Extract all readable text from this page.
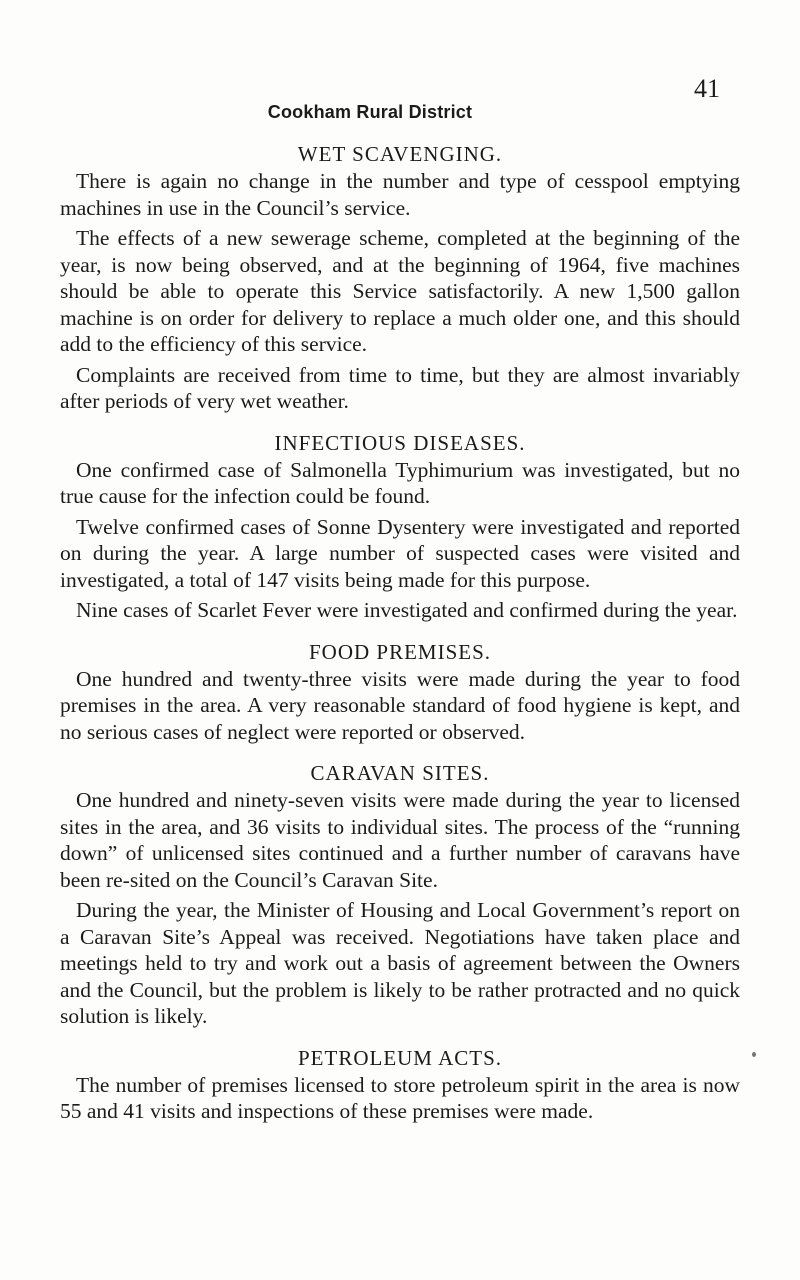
41
Cookham Rural District
WET SCAVENGING.

There is again no change in the number and type of cesspool emptying machines in use in the Council’s service.

The effects of a new sewerage scheme, completed at the beginning of the year, is now being observed, and at the beginning of 1964, five machines should be able to operate this Service satisfactorily. A new 1,500 gallon machine is on order for delivery to replace a much older one, and this should add to the efficiency of this service.

Complaints are received from time to time, but they are almost invariably after periods of very wet weather.

INFECTIOUS DISEASES.

One confirmed case of Salmonella Typhimurium was investigated, but no true cause for the infection could be found.

Twelve confirmed cases of Sonne Dysentery were investigated and reported on during the year. A large number of suspected cases were visited and investigated, a total of 147 visits being made for this purpose.

Nine cases of Scarlet Fever were investigated and confirmed during the year.

FOOD PREMISES.

One hundred and twenty-three visits were made during the year to food premises in the area. A very reasonable standard of food hygiene is kept, and no serious cases of neglect were reported or observed.

CARAVAN SITES.

One hundred and ninety-seven visits were made during the year to licensed sites in the area, and 36 visits to individual sites. The process of the “running down” of unlicensed sites continued and a further number of caravans have been re-sited on the Council’s Caravan Site.

During the year, the Minister of Housing and Local Government’s report on a Caravan Site’s Appeal was received. Negotiations have taken place and meetings held to try and work out a basis of agreement between the Owners and the Council, but the problem is likely to be rather protracted and no quick solution is likely.

PETROLEUM ACTS.

The number of premises licensed to store petroleum spirit in the area is now 55 and 41 visits and inspections of these premises were made.
